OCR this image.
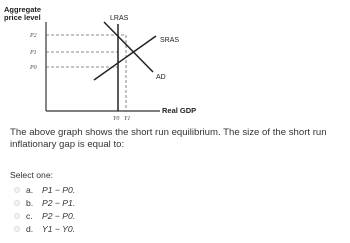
Aggregate
price level
P2
P1
P0
Y0 Y1
LRAS
SRAS
AD
Real GDP
The above graph shows the short run equilibrium. The size of the short run inflationary gap is equal to:
Select one:
a.	P1 − P0.
b.	P2 − P1.
c.	P2 − P0.
d.	Y1 − Y0.
